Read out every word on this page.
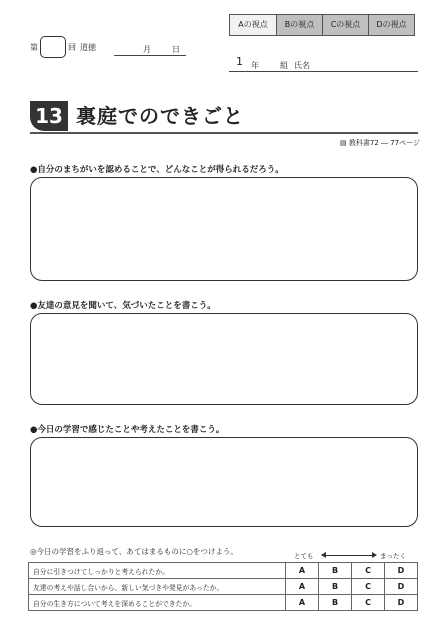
Aの視点	Bの視点	Cの視点	Dの視点
第	回 道徳	月	日
1 年	組 氏名
13 裏庭でのできごと
▤ 教科書72 ― 77ページ
●自分のまちがいを認めることで、どんなことが得られるだろう。
●友達の意見を聞いて、気づいたことを書こう。
●今日の学習で感じたことや考えたことを書こう。
◎今日の学習をふり返って、あてはまるものに○をつけよう。	とても	まったく
自分に引きつけてしっかりと考えられたか。	A	B	C	D
友達の考えや話し合いから、新しい気づきや発見があったか。	A	B	C	D
自分の生き方について考えを深めることができたか。	A	B	C	D
